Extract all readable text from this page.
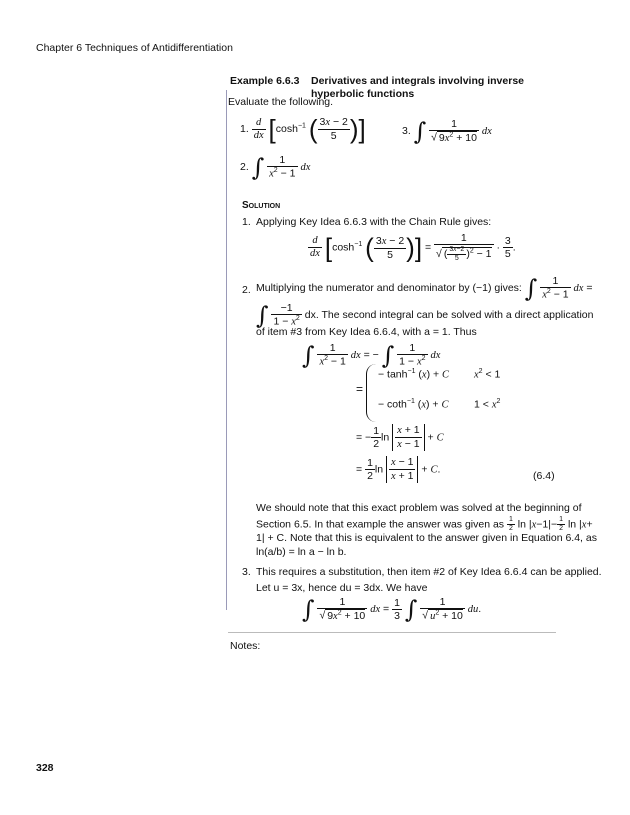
Chapter 6 Techniques of Antidifferentiation
Example 6.6.3 Derivatives and integrals involving inverse hyperbolic functions
Evaluate the following.
1. $\frac{d}{dx} [\cosh^{-1}$ ( $\frac{3x - 2}{5}$ )]	3. ∫ $\frac{1}{√ 9x^2 + 10}$ dx
2. ∫ $\frac{1}{x^2 - 1}$ dx
Solution
1. Applying Key Idea 6.6.3 with the Chain Rule gives:
$\frac{d}{dx} [\cosh^{-1}$ ( $\frac{3x - 2}{5}$ )] = $\frac{1}{√ ( \frac{3x-2}{5} )^2 - 1} \cdot \frac{3}{5}$ .
2. Multiplying the numerator and denominator by (−1) gives: ∫ $\frac{1}{x^2 - 1}$ dx =
∫ $\frac{-1}{1 - x^2}$ dx. The second integral can be solved with a direct application
of item #3 from Key Idea 6.6.4, with a = 1. Thus
∫ $\frac{1}{x^2 - 1}$ dx = − ∫ $\frac{1}{1 - x^2}$ dx
=
− $\tanh^{-1} (x) + C$ $x^2 < 1$
− coth$^{-1}$ (x) + C $1 < x^2$
= − $\frac{1}{2}$ $\ln \frac{x + 1}{x - 1} + C$
= $\frac{1}{2}$ $\ln \frac{x - 1}{x + 1} + C$.
(6.4)
We should note that this exact problem was solved at the beginning of
Section 6.5. In that example the answer was given as $\frac{1}{2}$ $\ln |x-1|- \frac{1}{2}$ ln |x+
1| + C. Note that this is equivalent to the answer given in Equation 6.4, as
ln(a/b) = ln a − ln b.
3. This requires a substitution, then item #2 of Key Idea 6.6.4 can be applied.
Let u = 3x, hence du = 3dx. We have
∫ $\frac{1}{√ 9x^2 + 10}$ dx = $\frac{1}{3}$ ∫ $\frac{1}{√ u^2 + 10}$ du.
Notes:
328
